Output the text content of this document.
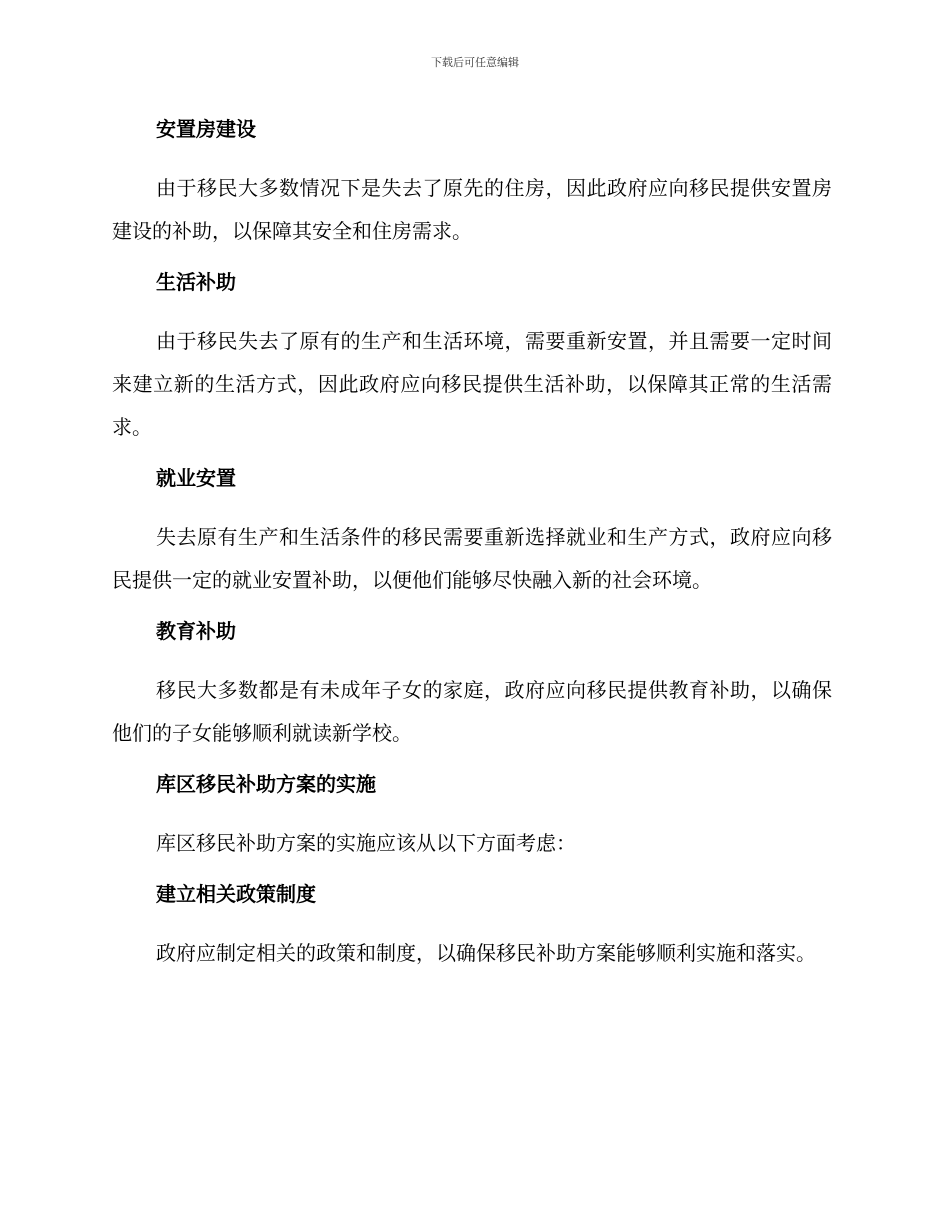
下载后可任意编辑
安置房建设

由于移民大多数情况下是失去了原先的住房，因此政府应向移民提供安置房建设的补助，以保障其安全和住房需求。

生活补助

由于移民失去了原有的生产和生活环境，需要重新安置，并且需要一定时间来建立新的生活方式，因此政府应向移民提供生活补助，以保障其正常的生活需求。

就业安置

失去原有生产和生活条件的移民需要重新选择就业和生产方式，政府应向移民提供一定的就业安置补助，以便他们能够尽快融入新的社会环境。

教育补助

移民大多数都是有未成年子女的家庭，政府应向移民提供教育补助，以确保他们的子女能够顺利就读新学校。

库区移民补助方案的实施

库区移民补助方案的实施应该从以下方面考虑：

建立相关政策制度

政府应制定相关的政策和制度，以确保移民补助方案能够顺利实施和落实。
